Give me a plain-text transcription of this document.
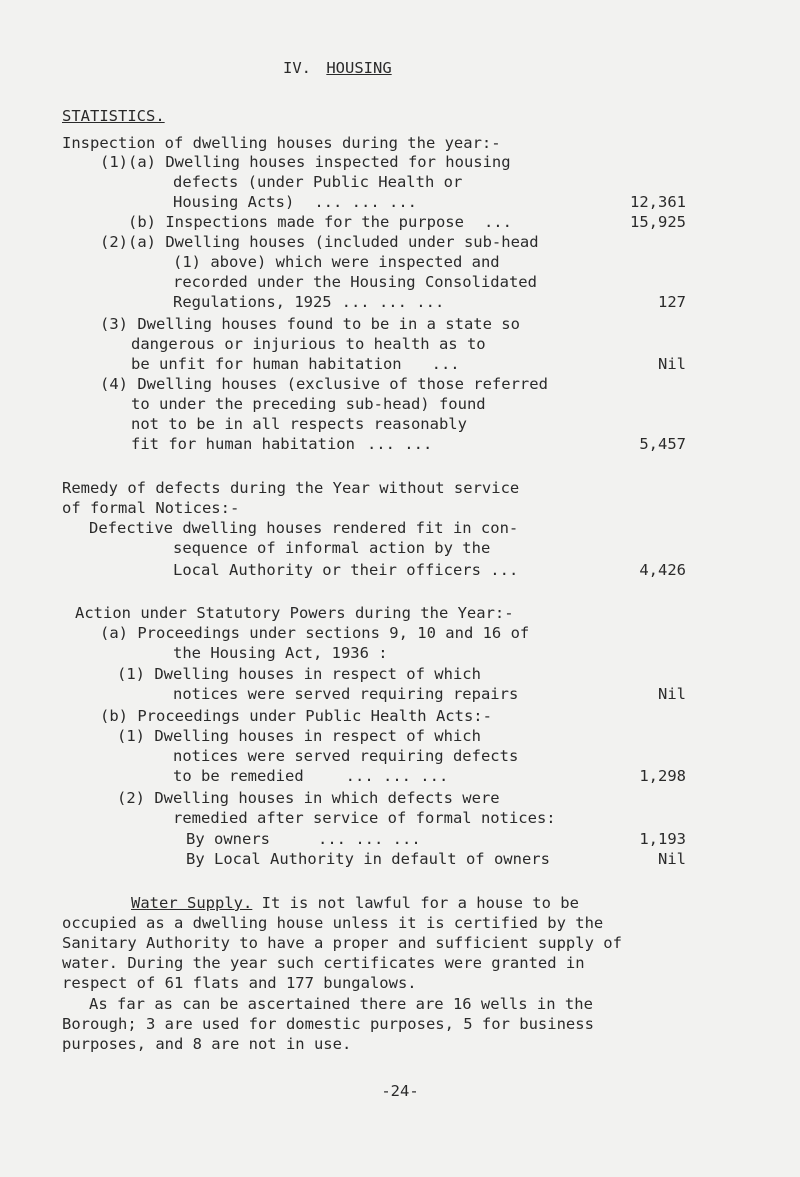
IV. HOUSING
STATISTICS.
Inspection of dwelling houses during the year:-
(1)(a) Dwelling houses inspected for housing
defects (under Public Health or
Housing Acts) ... ... ...	12,361
(b) Inspections made for the purpose ...	15,925
(2)(a) Dwelling houses (included under sub-head
(1) above) which were inspected and
recorded under the Housing Consolidated
Regulations, 1925 ... ... ...	127
(3) Dwelling houses found to be in a state so
dangerous or injurious to health as to
be unfit for human habitation ...	Nil
(4) Dwelling houses (exclusive of those referred
to under the preceding sub-head) found
not to be in all respects reasonably
fit for human habitation ... ...	5,457
Remedy of defects during the Year without service
of formal Notices:-
Defective dwelling houses rendered fit in con-
sequence of informal action by the
Local Authority or their officers ...	4,426
Action under Statutory Powers during the Year:-
(a) Proceedings under sections 9, 10 and 16 of
the Housing Act, 1936 :
(1) Dwelling houses in respect of which
notices were served requiring repairs	Nil
(b) Proceedings under Public Health Acts:-
(1) Dwelling houses in respect of which
notices were served requiring defects
to be remedied	... ... ...	1,298
(2) Dwelling houses in which defects were
remedied after service of formal notices:
By owners	... ... ...	1,193
By Local Authority in default of owners	Nil
Water Supply. It is not lawful for a house to be
occupied as a dwelling house unless it is certified by the
Sanitary Authority to have a proper and sufficient supply of
water. During the year such certificates were granted in
respect of 61 flats and 177 bungalows.
As far as can be ascertained there are 16 wells in the
Borough; 3 are used for domestic purposes, 5 for business
purposes, and 8 are not in use.
-24-
